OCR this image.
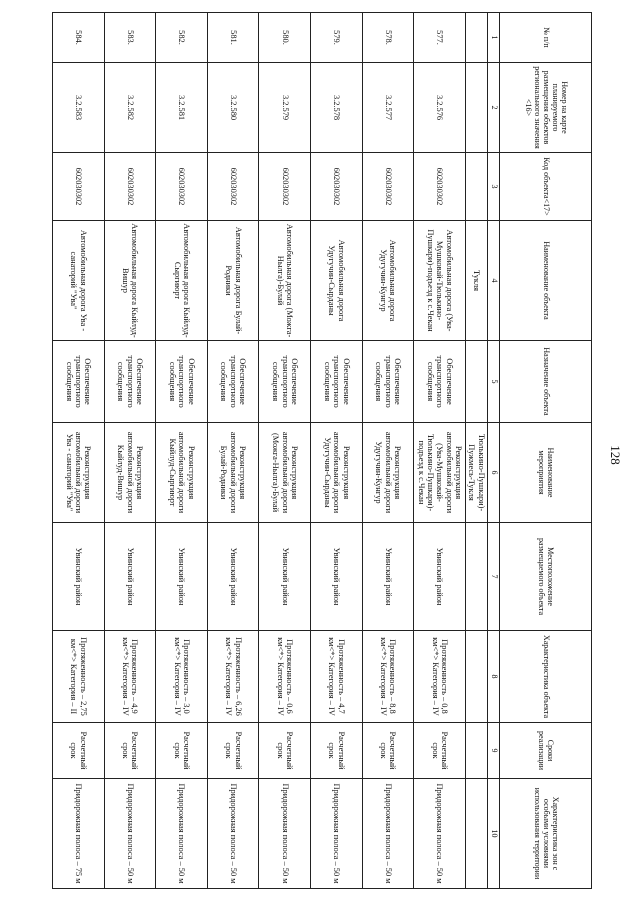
128
№ п/п	Номер на карте планируемого размещения объектов регионального значения <16>	Код объекта<17>	Наименование объекта	Назначение объекта	Наименование мероприятия	Местоположение размещаемого объекта	Характеристика объекта	Сроки реализации	Характеристика зон с особыми условиями использования территории
1	2	3	4	5	6	7	8	9	10
			Тукля		Тюлькино-Пушкари)-Пужмесь-Тукля				
577.	3.2.576	602030302	Автомобильная дорога (Ува-Мушковай-Тюлькино-Пушкари)-подъезд к с.Чекан	Обеспечение транспортного сообщения	Реконструкция автомобильной дороги (Ува-Мушковай-Тюлькино-Пушкари)-подъезд к с.Чекан	Увинский район	Протяженность – 0,8 км<*> Категория – IV	Расчетный срок	Придорожная полоса – 50 м
578.	3.2.577	602030302	Автомобильная дорога Удугучин-Кунгур	Обеспечение транспортного сообщения	Реконструкция автомобильной дороги Удугучин-Кунгур	Увинский район	Протяженность – 8,8 км<*> Категория – IV	Расчетный срок	Придорожная полоса – 50 м
579.	3.2.578	602030302	Автомобильная дорога Удугучин-Сырданы	Обеспечение транспортного сообщения	Реконструкция автомобильной дороги Удугучин-Сырданы	Увинский район	Протяженность – 4,7 км<*> Категория – IV	Расчетный срок	Придорожная полоса – 50 м
580.	3.2.579	602030302	Автомобильная дорога (Можга-Нылга)-Булай	Обеспечение транспортного сообщения	Реконструкция автомобильной дороги (Можга-Нылга)-Булай	Увинский район	Протяженность – 0,6 км<*> Категория – IV	Расчетный срок	Придорожная полоса – 50 м
581.	3.2.580	602030302	Автомобильная дорога Булай-Родники	Обеспечение транспортного сообщения	Реконструкция автомобильной дороги Булай-Родники	Увинский район	Протяженность – 6,26 км<*> Категория – IV	Расчетный срок	Придорожная полоса – 50 м
582.	3.2.581	602030302	Автомобильная дорога Кыйлуд-Сыргиюрт	Обеспечение транспортного сообщения	Реконструкция автомобильной дороги Кыйлуд-Сыргиюрт	Увинский район	Протяженность – 3,0 км<*> Категория – IV	Расчетный срок	Придорожная полоса – 50 м
583.	3.2.582	602030302	Автомобильная дорога Кыйлуд-Вишур	Обеспечение транспортного сообщения	Реконструкция автомобильной дороги Кыйлуд-Вишур	Увинский район	Протяженность – 4,9 км<*> Категория – IV	Расчетный срок	Придорожная полоса – 50 м
584.	3.2.583	602030302	Автомобильная дорога Ува - санаторий "Ува"	Обеспечение транспортного сообщения	Реконструкция автомобильной дороги Ува - санаторий "Ува"	Увинский район	Протяженность – 2,75 км<*> Категория – II	Расчетный срок	Придорожная полоса – 75 м
